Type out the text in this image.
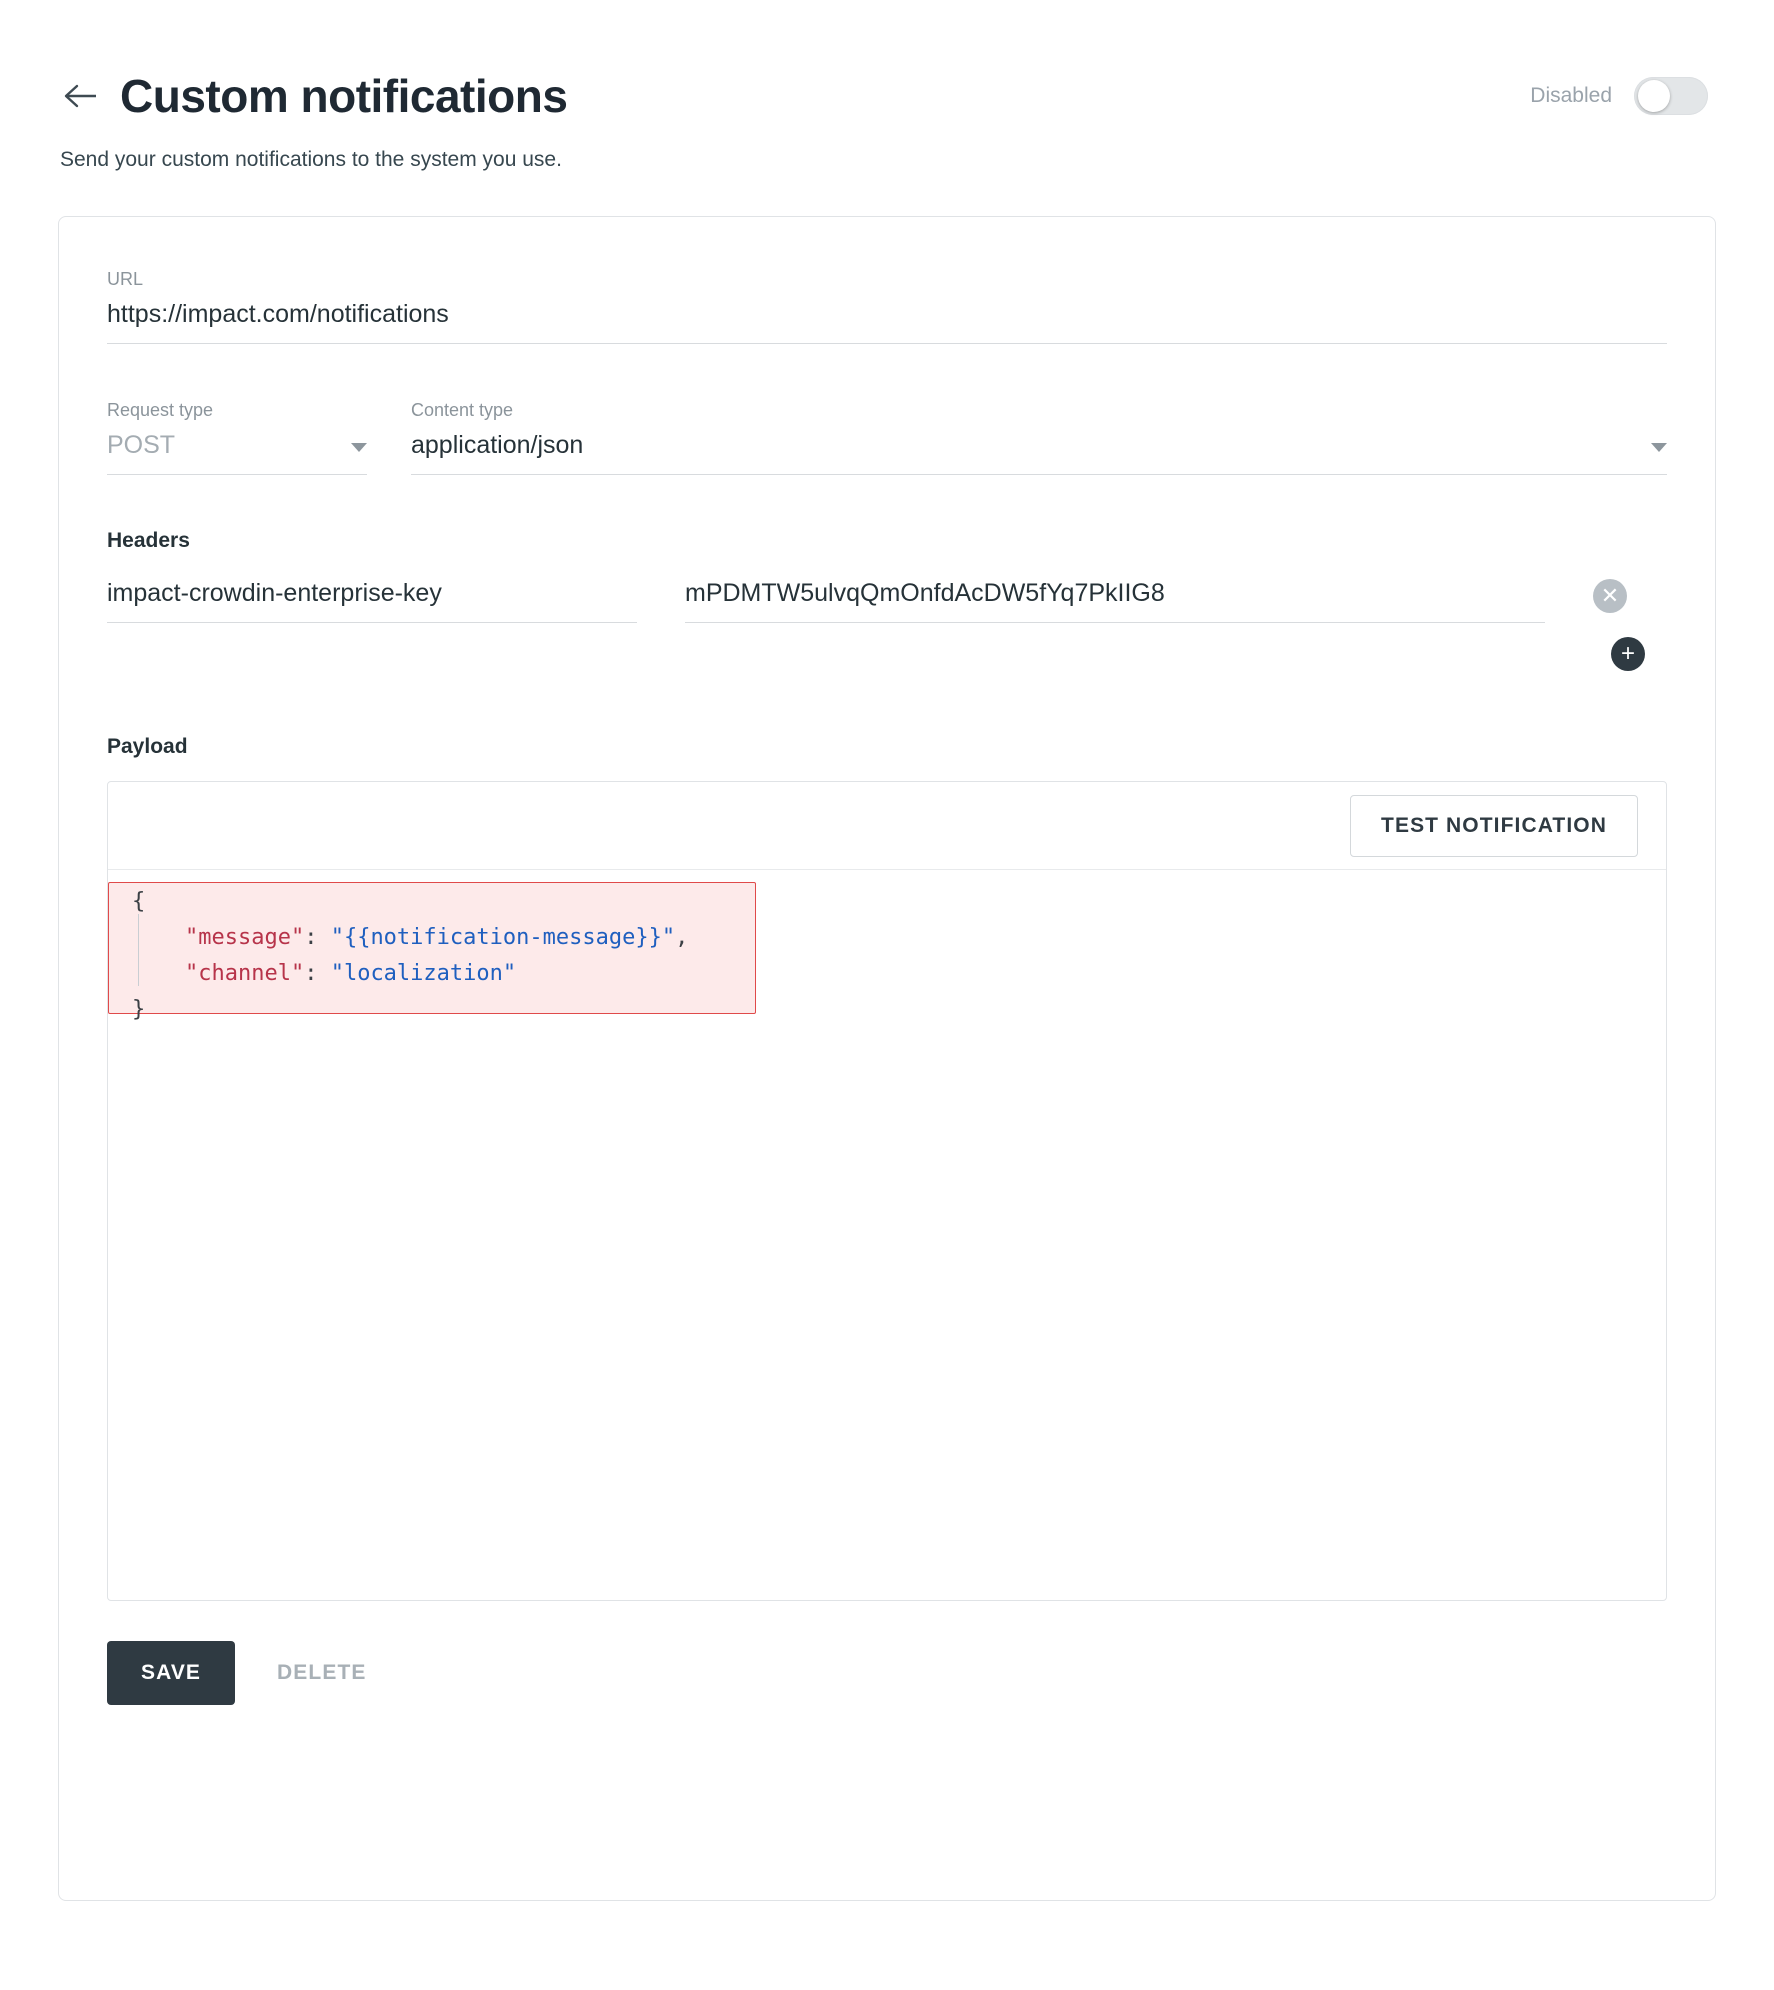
Custom notifications	Disabled
Send your custom notifications to the system you use.
URL
https://impact.com/notifications
Request type
POST
Content type
application/json
Headers
impact-crowdin-enterprise-key	mPDMTW5ulvqQmOnfdAcDW5fYq7PkIIG8	✕
+
Payload
TEST NOTIFICATION
{
"message": "{{notification-message}}",
"channel": "localization"
}
SAVE	DELETE
